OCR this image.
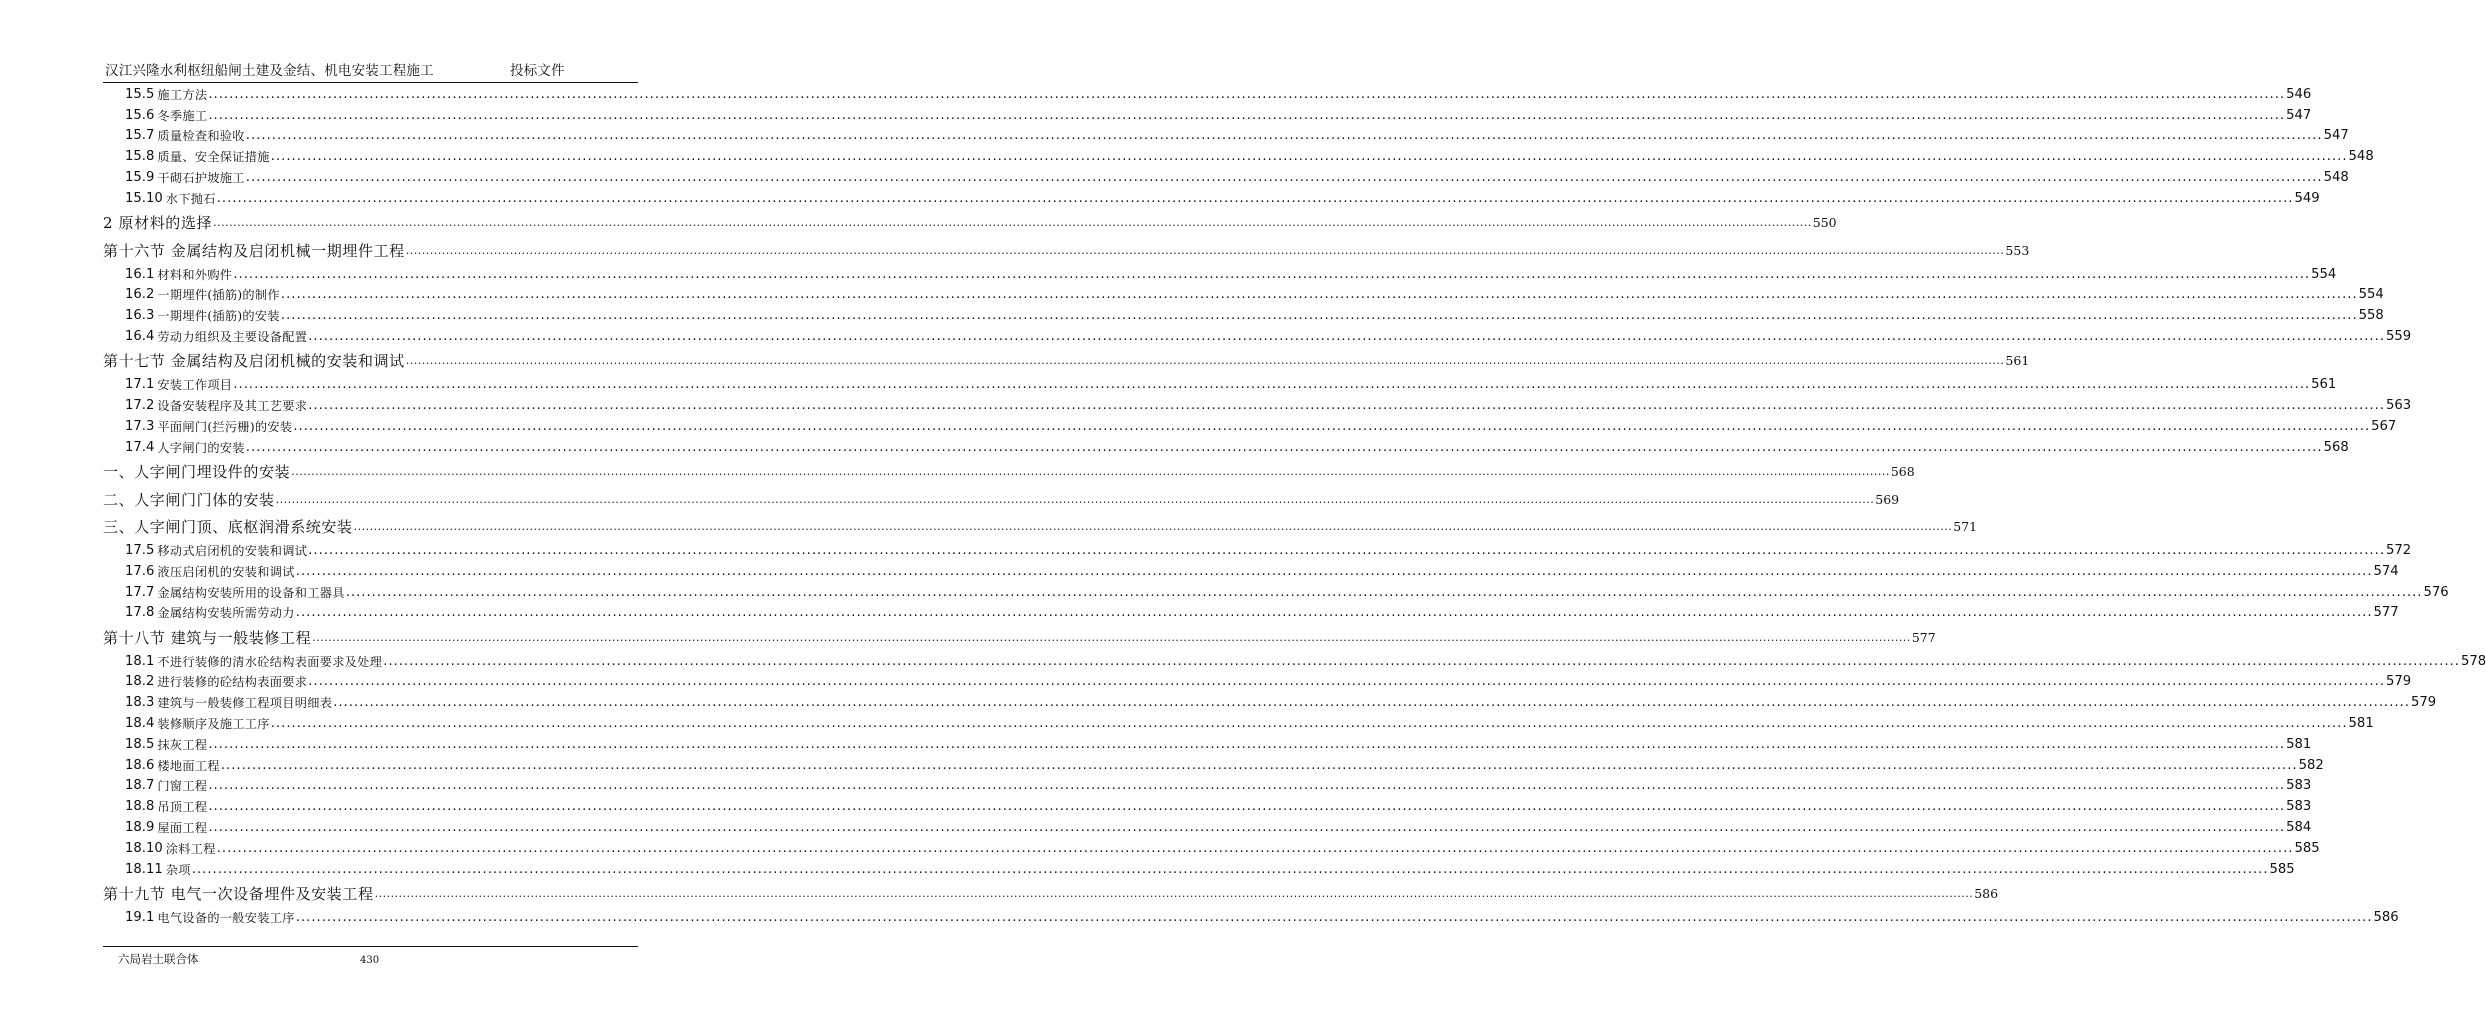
汉江兴隆水利枢纽船闸土建及金结、机电安装工程施工	投标文件
15.5 施工方法 ................................................................................................................................................................................................................................................................................................................................................................................................................ 546
15.6 冬季施工 ................................................................................................................................................................................................................................................................................................................................................................................................................ 547
15.7 质量检查和验收 ................................................................................................................................................................................................................................................................................................................................................................................................................ 547
15.8 质量、安全保证措施 ................................................................................................................................................................................................................................................................................................................................................................................................................ 548
15.9 干砌石护坡施工 ................................................................................................................................................................................................................................................................................................................................................................................................................ 548
15.10 水下抛石 ................................................................................................................................................................................................................................................................................................................................................................................................................ 549
2 原材料的选择 ................................................................................................................................................................................................................................................................................................................................................................................................................ 550
第十六节 金属结构及启闭机械一期埋件工程 ................................................................................................................................................................................................................................................................................................................................................................................................................ 553
16.1 材料和外购件 ................................................................................................................................................................................................................................................................................................................................................................................................................ 554
16.2 一期埋件(插筋)的制作 ................................................................................................................................................................................................................................................................................................................................................................................................................ 554
16.3 一期埋件(插筋)的安装 ................................................................................................................................................................................................................................................................................................................................................................................................................ 558
16.4 劳动力组织及主要设备配置 ................................................................................................................................................................................................................................................................................................................................................................................................................ 559
第十七节 金属结构及启闭机械的安装和调试 ................................................................................................................................................................................................................................................................................................................................................................................................................ 561
17.1 安装工作项目 ................................................................................................................................................................................................................................................................................................................................................................................................................ 561
17.2 设备安装程序及其工艺要求 ................................................................................................................................................................................................................................................................................................................................................................................................................ 563
17.3 平面闸门(拦污栅)的安装 ................................................................................................................................................................................................................................................................................................................................................................................................................ 567
17.4 人字闸门的安装 ................................................................................................................................................................................................................................................................................................................................................................................................................ 568
一、人字闸门埋设件的安装 ................................................................................................................................................................................................................................................................................................................................................................................................................ 568
二、人字闸门门体的安装 ................................................................................................................................................................................................................................................................................................................................................................................................................ 569
三、人字闸门顶、底枢润滑系统安装 ................................................................................................................................................................................................................................................................................................................................................................................................................ 571
17.5 移动式启闭机的安装和调试 ................................................................................................................................................................................................................................................................................................................................................................................................................ 572
17.6 液压启闭机的安装和调试 ................................................................................................................................................................................................................................................................................................................................................................................................................ 574
17.7 金属结构安装所用的设备和工器具 ................................................................................................................................................................................................................................................................................................................................................................................................................ 576
17.8 金属结构安装所需劳动力 ................................................................................................................................................................................................................................................................................................................................................................................................................ 577
第十八节 建筑与一般装修工程 ................................................................................................................................................................................................................................................................................................................................................................................................................ 577
18.1 不进行装修的清水砼结构表面要求及处理 ................................................................................................................................................................................................................................................................................................................................................................................................................ 578
18.2 进行装修的砼结构表面要求 ................................................................................................................................................................................................................................................................................................................................................................................................................ 579
18.3 建筑与一般装修工程项目明细表 ................................................................................................................................................................................................................................................................................................................................................................................................................ 579
18.4 装修顺序及施工工序 ................................................................................................................................................................................................................................................................................................................................................................................................................ 581
18.5 抹灰工程 ................................................................................................................................................................................................................................................................................................................................................................................................................ 581
18.6 楼地面工程 ................................................................................................................................................................................................................................................................................................................................................................................................................ 582
18.7 门窗工程 ................................................................................................................................................................................................................................................................................................................................................................................................................ 583
18.8 吊顶工程 ................................................................................................................................................................................................................................................................................................................................................................................................................ 583
18.9 屋面工程 ................................................................................................................................................................................................................................................................................................................................................................................................................ 584
18.10 涂料工程 ................................................................................................................................................................................................................................................................................................................................................................................................................ 585
18.11 杂项 ................................................................................................................................................................................................................................................................................................................................................................................................................ 585
第十九节 电气一次设备埋件及安装工程 ................................................................................................................................................................................................................................................................................................................................................................................................................ 586
19.1 电气设备的一般安装工序 ................................................................................................................................................................................................................................................................................................................................................................................................................ 586
六局岩土联合体	430
